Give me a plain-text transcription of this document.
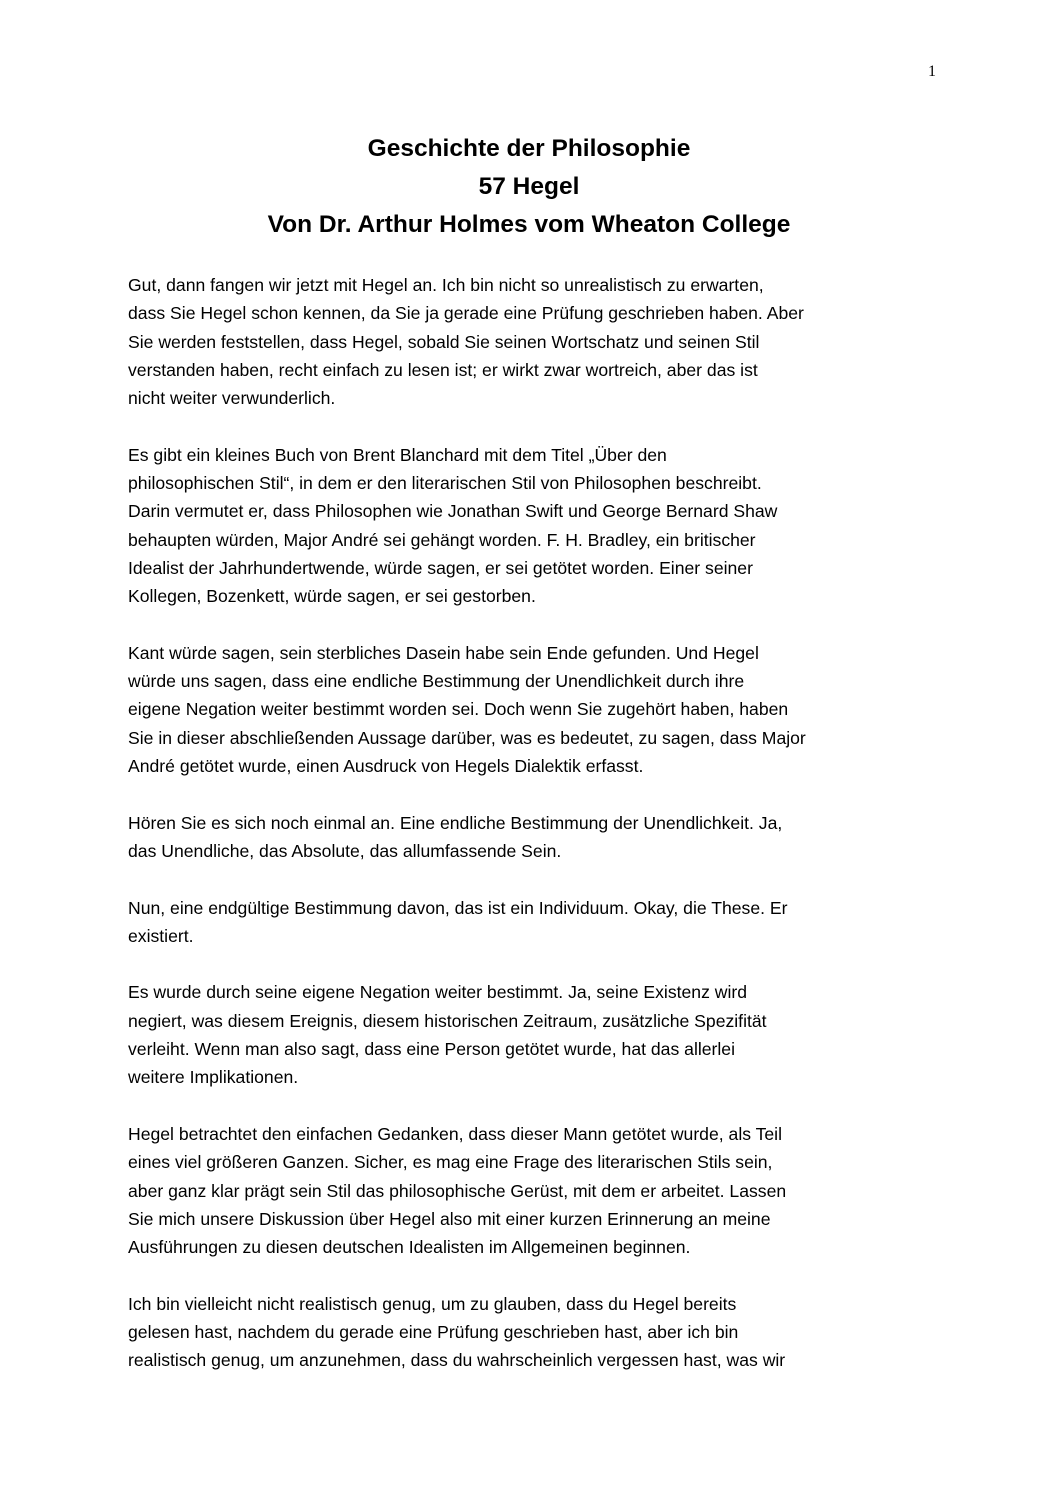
1
Geschichte der Philosophie
57 Hegel
Von Dr. Arthur Holmes vom Wheaton College

Gut, dann fangen wir jetzt mit Hegel an. Ich bin nicht so unrealistisch zu erwarten,
dass Sie Hegel schon kennen, da Sie ja gerade eine Prüfung geschrieben haben. Aber
Sie werden feststellen, dass Hegel, sobald Sie seinen Wortschatz und seinen Stil
verstanden haben, recht einfach zu lesen ist; er wirkt zwar wortreich, aber das ist
nicht weiter verwunderlich.

Es gibt ein kleines Buch von Brent Blanchard mit dem Titel „Über den
philosophischen Stil“, in dem er den literarischen Stil von Philosophen beschreibt.
Darin vermutet er, dass Philosophen wie Jonathan Swift und George Bernard Shaw
behaupten würden, Major André sei gehängt worden. F. H. Bradley, ein britischer
Idealist der Jahrhundertwende, würde sagen, er sei getötet worden. Einer seiner
Kollegen, Bozenkett, würde sagen, er sei gestorben.

Kant würde sagen, sein sterbliches Dasein habe sein Ende gefunden. Und Hegel
würde uns sagen, dass eine endliche Bestimmung der Unendlichkeit durch ihre
eigene Negation weiter bestimmt worden sei. Doch wenn Sie zugehört haben, haben
Sie in dieser abschließenden Aussage darüber, was es bedeutet, zu sagen, dass Major
André getötet wurde, einen Ausdruck von Hegels Dialektik erfasst.

Hören Sie es sich noch einmal an. Eine endliche Bestimmung der Unendlichkeit. Ja,
das Unendliche, das Absolute, das allumfassende Sein.

Nun, eine endgültige Bestimmung davon, das ist ein Individuum. Okay, die These. Er
existiert.

Es wurde durch seine eigene Negation weiter bestimmt. Ja, seine Existenz wird
negiert, was diesem Ereignis, diesem historischen Zeitraum, zusätzliche Spezifität
verleiht. Wenn man also sagt, dass eine Person getötet wurde, hat das allerlei
weitere Implikationen.

Hegel betrachtet den einfachen Gedanken, dass dieser Mann getötet wurde, als Teil
eines viel größeren Ganzen. Sicher, es mag eine Frage des literarischen Stils sein,
aber ganz klar prägt sein Stil das philosophische Gerüst, mit dem er arbeitet. Lassen
Sie mich unsere Diskussion über Hegel also mit einer kurzen Erinnerung an meine
Ausführungen zu diesen deutschen Idealisten im Allgemeinen beginnen.

Ich bin vielleicht nicht realistisch genug, um zu glauben, dass du Hegel bereits
gelesen hast, nachdem du gerade eine Prüfung geschrieben hast, aber ich bin
realistisch genug, um anzunehmen, dass du wahrscheinlich vergessen hast, was wir
